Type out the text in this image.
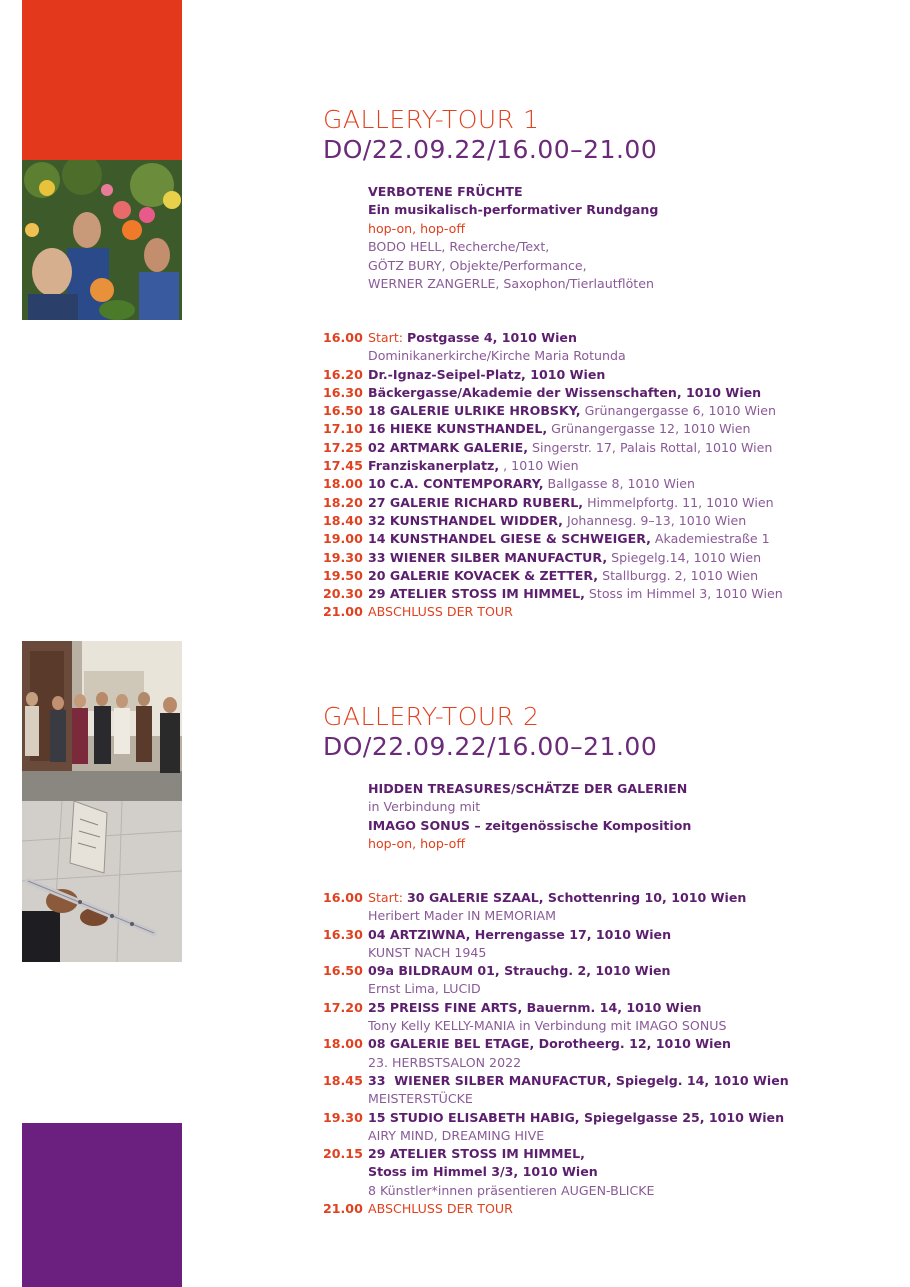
GALLERY-TOUR 1
DO/22.09.22/16.00–21.00
VERBOTENE FRÜCHTE
Ein musikalisch-performativer Rundgang
hop-on, hop-off
BODO HELL, Recherche/Text,
GÖTZ BURY, Objekte/Performance,
WERNER ZANGERLE, Saxophon/Tierlautflöten
16.00 Start: Postgasse 4, 1010 Wien
Dominikanerkirche/Kirche Maria Rotunda
16.20 Dr.-Ignaz-Seipel-Platz, 1010 Wien
16.30 Bäckergasse/Akademie der Wissenschaften, 1010 Wien
16.50 18 GALERIE ULRIKE HROBSKY, Grünangergasse 6, 1010 Wien
17.10 16 HIEKE KUNSTHANDEL, Grünangergasse 12, 1010 Wien
17.25 02 ARTMARK GALERIE, Singerstr. 17, Palais Rottal, 1010 Wien
17.45 Franziskanerplatz, , 1010 Wien
18.00 10 C.A. CONTEMPORARY, Ballgasse 8, 1010 Wien
18.20 27 GALERIE RICHARD RUBERL, Himmelpfortg. 11, 1010 Wien
18.40 32 KUNSTHANDEL WIDDER, Johannesg. 9–13, 1010 Wien
19.00 14 KUNSTHANDEL GIESE & SCHWEIGER, Akademiestraße 1
19.30 33 WIENER SILBER MANUFACTUR, Spiegelg.14, 1010 Wien
19.50 20 GALERIE KOVACEK & ZETTER, Stallburgg. 2, 1010 Wien
20.30 29 ATELIER STOSS IM HIMMEL, Stoss im Himmel 3, 1010 Wien
21.00 ABSCHLUSS DER TOUR
GALLERY-TOUR 2
DO/22.09.22/16.00–21.00
HIDDEN TREASURES/SCHÄTZE DER GALERIEN
in Verbindung mit
IMAGO SONUS – zeitgenössische Komposition
hop-on, hop-off
16.00 Start: 30 GALERIE SZAAL, Schottenring 10, 1010 Wien
Heribert Mader IN MEMORIAM
16.30 04 ARTZIWNA, Herrengasse 17, 1010 Wien
KUNST NACH 1945
16.50 09a BILDRAUM 01, Strauchg. 2, 1010 Wien
Ernst Lima, LUCID
17.20 25 PREISS FINE ARTS, Bauernm. 14, 1010 Wien
Tony Kelly KELLY-MANIA in Verbindung mit IMAGO SONUS
18.00 08 GALERIE BEL ETAGE, Dorotheerg. 12, 1010 Wien
23. HERBSTSALON 2022
18.45 33  WIENER SILBER MANUFACTUR, Spiegelg. 14, 1010 Wien
MEISTERSTÜCKE
19.30 15 STUDIO ELISABETH HABIG, Spiegelgasse 25, 1010 Wien
AIRY MIND, DREAMING HIVE
20.15 29 ATELIER STOSS IM HIMMEL,
Stoss im Himmel 3/3, 1010 Wien
8 Künstler*innen präsentieren AUGEN-BLICKE
21.00 ABSCHLUSS DER TOUR
